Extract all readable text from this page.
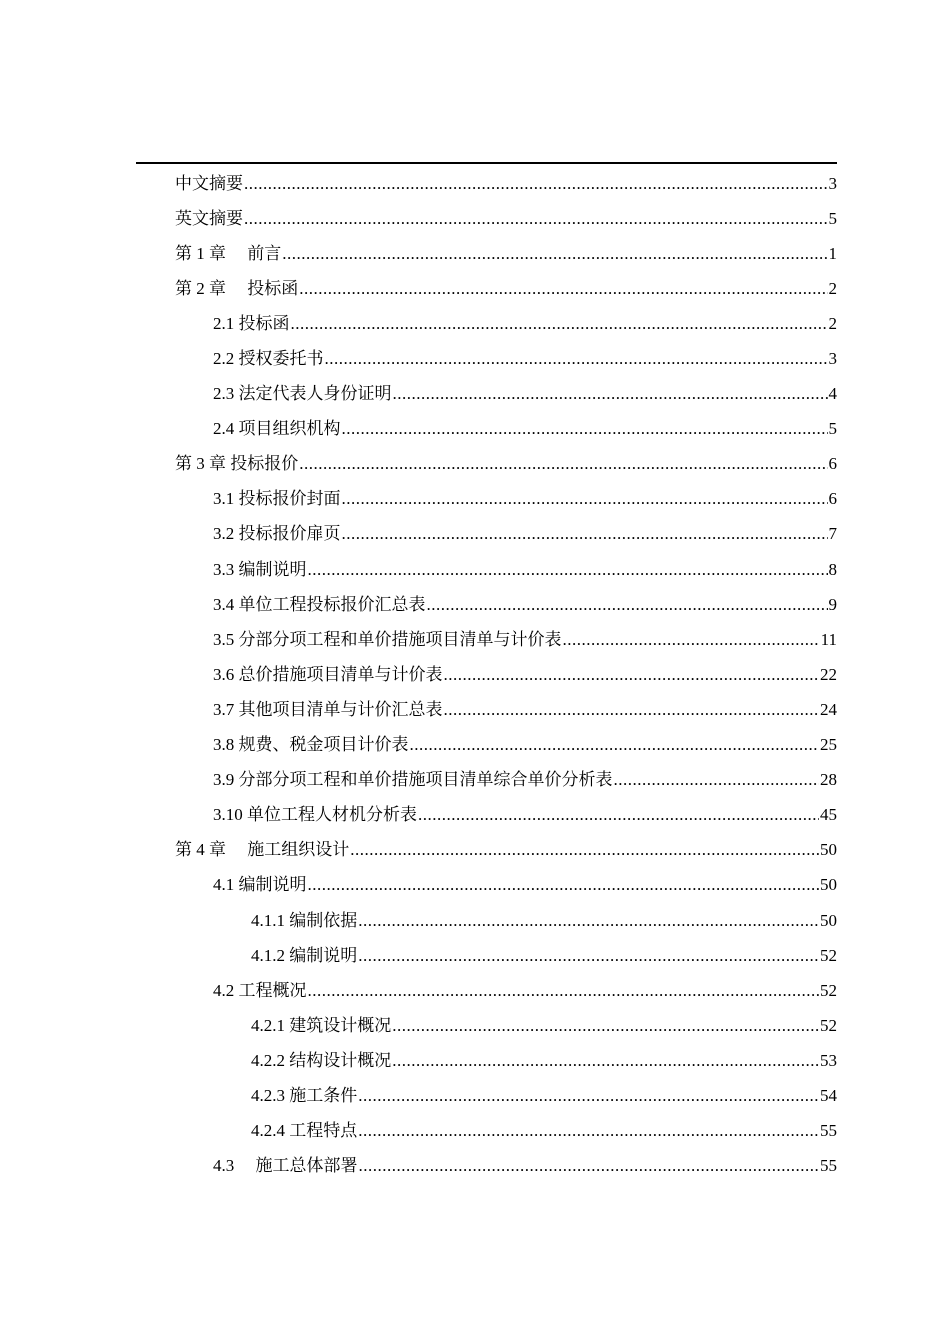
中文摘要 .....	3
英文摘要 .....	5
第 1 章　 前言 .....	1
第 2 章　 投标函 .....	2
2.1 投标函 .....	2
2.2 授权委托书 .....	3
2.3 法定代表人身份证明 .....	4
2.4 项目组织机构 .....	5
第 3 章 投标报价 .....	6
3.1 投标报价封面 .....	6
3.2 投标报价扉页 .....	7
3.3 编制说明 .....	8
3.4 单位工程投标报价汇总表 .....	9
3.5 分部分项工程和单价措施项目清单与计价表 .....	11
3.6 总价措施项目清单与计价表 .....	22
3.7 其他项目清单与计价汇总表 .....	24
3.8 规费、税金项目计价表 .....	25
3.9 分部分项工程和单价措施项目清单综合单价分析表 .....	28
3.10 单位工程人材机分析表 .....	45
第 4 章　 施工组织设计 .....	50
4.1 编制说明 .....	50
4.1.1 编制依据 .....	50
4.1.2 编制说明 .....	52
4.2 工程概况 .....	52
4.2.1 建筑设计概况 .....	52
4.2.2 结构设计概况 .....	53
4.2.3 施工条件 .....	54
4.2.4 工程特点 .....	55
4.3　 施工总体部署 .....	55
